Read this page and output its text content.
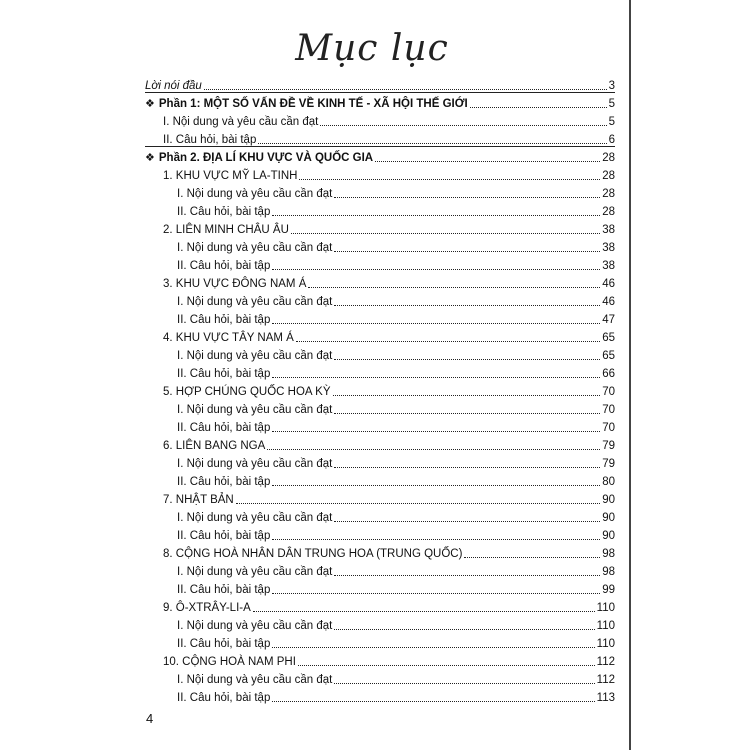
Mục lục
Lời nói đầu	3
❖ Phần 1: MỘT SỐ VẤN ĐỀ VỀ KINH TẾ - XÃ HỘI THẾ GIỚI	5
I. Nội dung và yêu cầu cần đạt	5
II. Câu hỏi, bài tập	6
❖ Phần 2. ĐỊA LÍ KHU VỰC VÀ QUỐC GIA	28
1. KHU VỰC MỸ LA-TINH	28
I. Nội dung và yêu cầu cần đạt	28
II. Câu hỏi, bài tập	28
2. LIÊN MINH CHÂU ÂU	38
I. Nội dung và yêu cầu cần đạt	38
II. Câu hỏi, bài tập	38
3. KHU VỰC ĐÔNG NAM Á	46
I. Nội dung và yêu cầu cần đạt	46
II. Câu hỏi, bài tập	47
4. KHU VỰC TÂY NAM Á	65
I. Nội dung và yêu cầu cần đạt	65
II. Câu hỏi, bài tập	66
5. HỢP CHÚNG QUỐC HOA KỲ	70
I. Nội dung và yêu cầu cần đạt	70
II. Câu hỏi, bài tập	70
6. LIÊN BANG NGA	79
I. Nội dung và yêu cầu cần đạt	79
II. Câu hỏi, bài tập	80
7. NHẬT BẢN	90
I. Nội dung và yêu cầu cần đạt	90
II. Câu hỏi, bài tập	90
8. CỘNG HOÀ NHÂN DÂN TRUNG HOA (TRUNG QUỐC)	98
I. Nội dung và yêu cầu cần đạt	98
II. Câu hỏi, bài tập	99
9. Ô-XTRÂY-LI-A	110
I. Nội dung và yêu cầu cần đạt	110
II. Câu hỏi, bài tập	110
10. CỘNG HOÀ NAM PHI	112
I. Nội dung và yêu cầu cần đạt	112
II. Câu hỏi, bài tập	113
4
